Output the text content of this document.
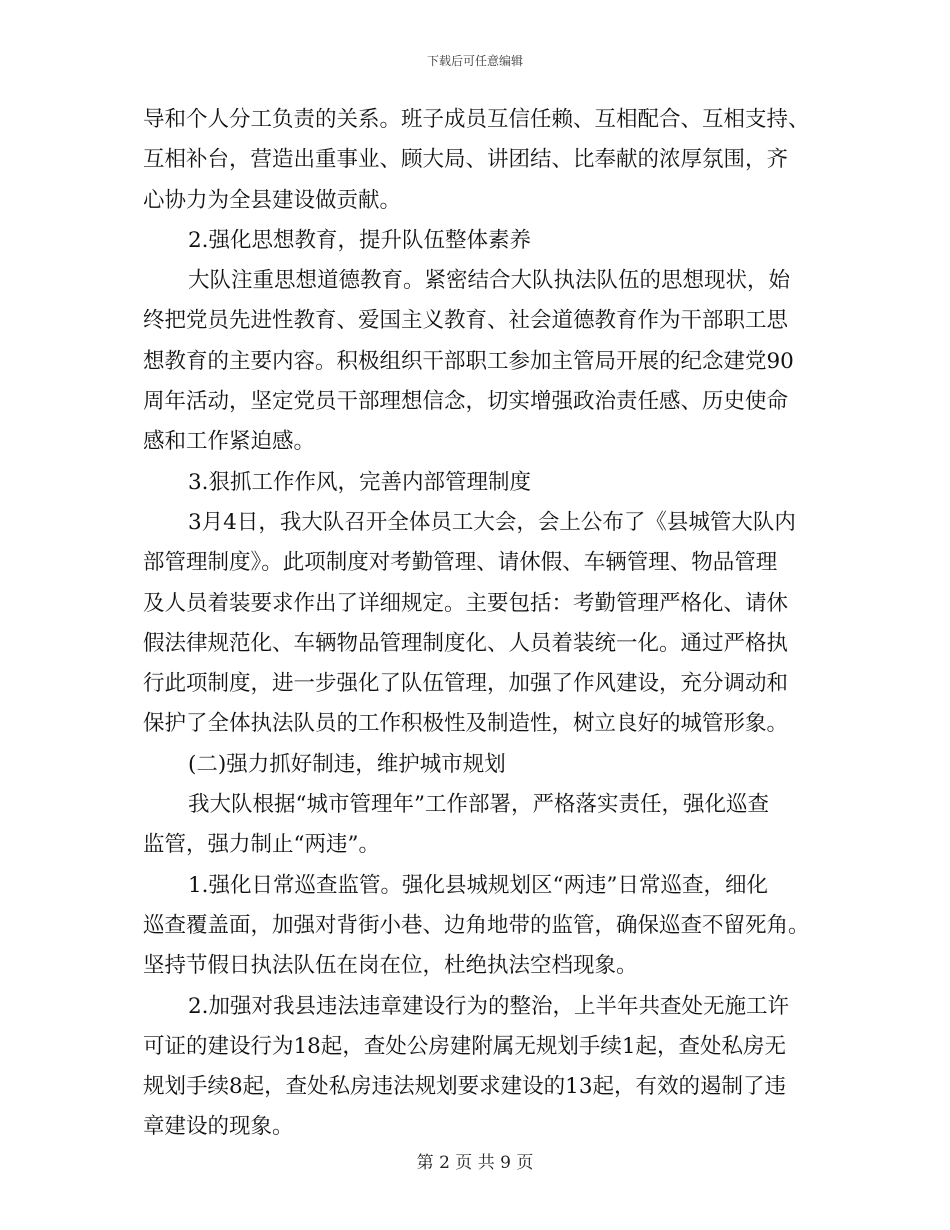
下载后可任意编辑
导和个人分工负责的关系。班子成员互信任赖、互相配合、互相支持、
互相补台，营造出重事业、顾大局、讲团结、比奉献的浓厚氛围，齐
心协力为全县建设做贡献。
2.强化思想教育，提升队伍整体素养
大队注重思想道德教育。紧密结合大队执法队伍的思想现状，始
终把党员先进性教育、爱国主义教育、社会道德教育作为干部职工思
想教育的主要内容。积极组织干部职工参加主管局开展的纪念建党90
周年活动，坚定党员干部理想信念，切实增强政治责任感、历史使命
感和工作紧迫感。
3.狠抓工作作风，完善内部管理制度
3月4日，我大队召开全体员工大会，会上公布了《县城管大队内
部管理制度》。此项制度对考勤管理、请休假、车辆管理、物品管理
及人员着装要求作出了详细规定。主要包括：考勤管理严格化、请休
假法律规范化、车辆物品管理制度化、人员着装统一化。通过严格执
行此项制度，进一步强化了队伍管理，加强了作风建设，充分调动和
保护了全体执法队员的工作积极性及制造性，树立良好的城管形象。
(二)强力抓好制违，维护城市规划
我大队根据“城市管理年”工作部署，严格落实责任，强化巡查
监管，强力制止“两违”。
1.强化日常巡查监管。强化县城规划区“两违”日常巡查，细化
巡查覆盖面，加强对背街小巷、边角地带的监管，确保巡查不留死角。
坚持节假日执法队伍在岗在位，杜绝执法空档现象。
2.加强对我县违法违章建设行为的整治，上半年共查处无施工许
可证的建设行为18起，查处公房建附属无规划手续1起，查处私房无
规划手续8起，查处私房违法规划要求建设的13起，有效的遏制了违
章建设的现象。
第 2 页 共 9 页
